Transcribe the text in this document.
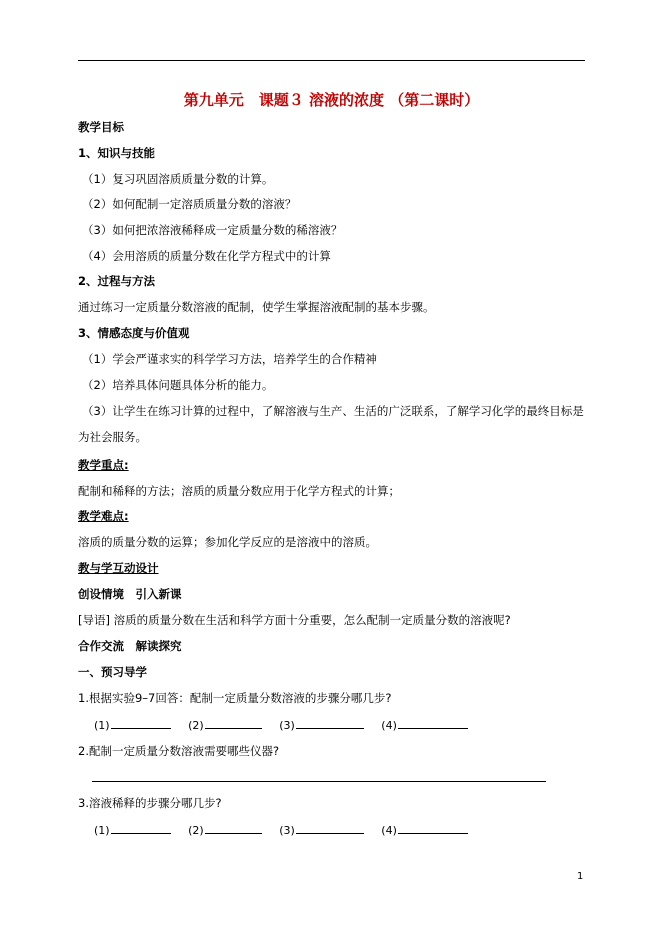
第九单元　课题３ 溶液的浓度 （第二课时）
教学目标
1、知识与技能
（1）复习巩固溶质质量分数的计算。
（2）如何配制一定溶质质量分数的溶液？
（3）如何把浓溶液稀释成一定质量分数的稀溶液？
（4）会用溶质的质量分数在化学方程式中的计算
2、过程与方法
通过练习一定质量分数溶液的配制，使学生掌握溶液配制的基本步骤。
3、情感态度与价值观
（1）学会严谨求实的科学学习方法，培养学生的合作精神
（2）培养具体问题具体分析的能力。
（3）让学生在练习计算的过程中，了解溶液与生产、生活的广泛联系，了解学习化学的最终目标是
为社会服务。
教学重点:
配制和稀释的方法；溶质的质量分数应用于化学方程式的计算；
教学难点:
溶质的质量分数的运算；参加化学反应的是溶液中的溶质。
教与学互动设计
创设情境　引入新课
[导语] 溶质的质量分数在生活和科学方面十分重要，怎么配制一定质量分数的溶液呢?
合作交流　解读探究
一、预习导学
1.根据实验9–7回答：配制一定质量分数溶液的步骤分哪几步?
(1)	(2)	(3)	(4)
2.配制一定质量分数溶液需要哪些仪器?
3.溶液稀释的步骤分哪几步?
(1)	(2)	(3)	(4)
1
